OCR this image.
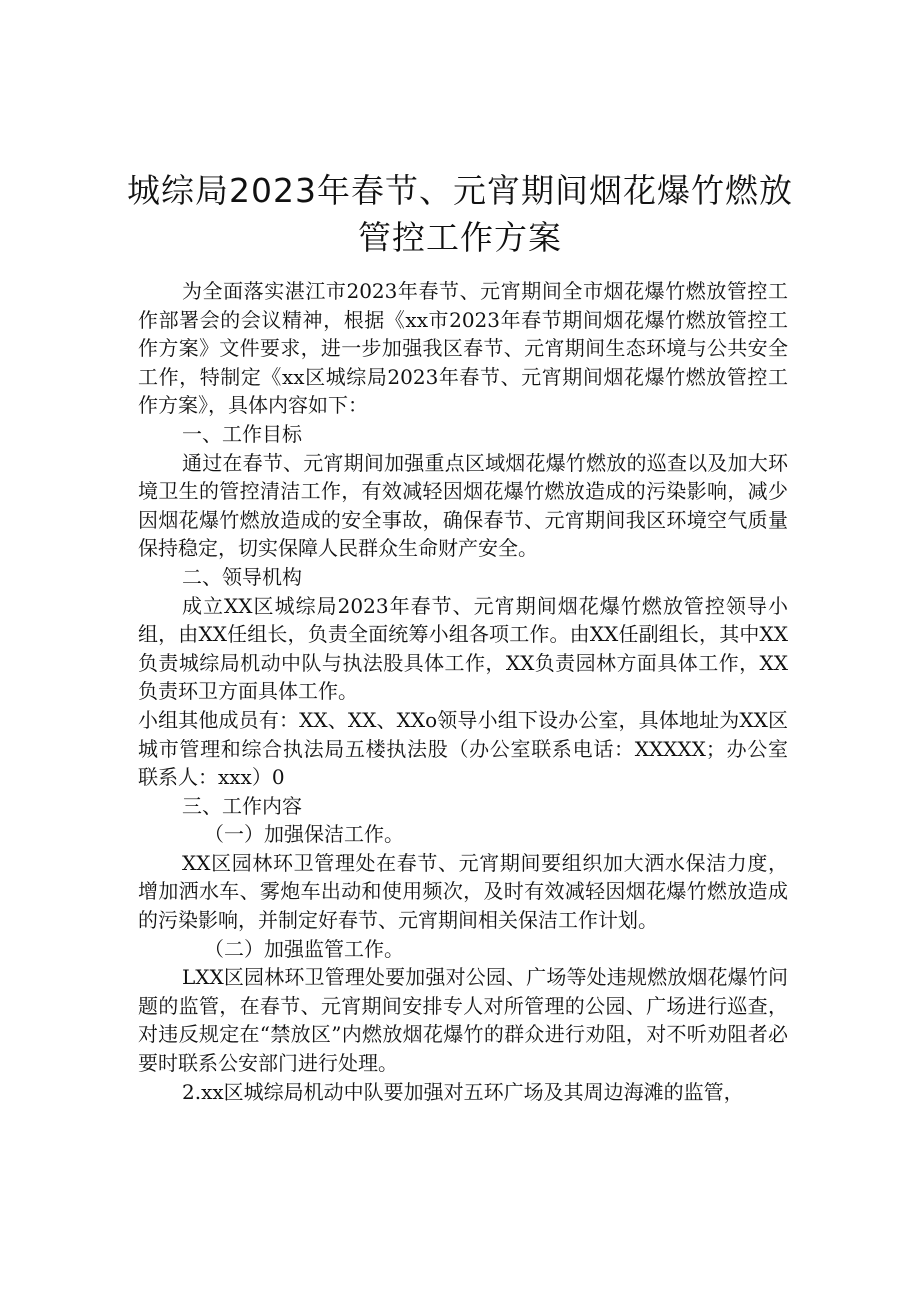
城综局2023年春节、元宵期间烟花爆竹燃放
管控工作方案

为全面落实湛江市2023年春节、元宵期间全市烟花爆竹燃放管控工作部署会的会议精神，根据《xx市2023年春节期间烟花爆竹燃放管控工作方案》文件要求，进一步加强我区春节、元宵期间生态环境与公共安全工作，特制定《xx区城综局2023年春节、元宵期间烟花爆竹燃放管控工作方案》，具体内容如下：

一、工作目标

通过在春节、元宵期间加强重点区域烟花爆竹燃放的巡查以及加大环境卫生的管控清洁工作，有效减轻因烟花爆竹燃放造成的污染影响，减少因烟花爆竹燃放造成的安全事故，确保春节、元宵期间我区环境空气质量保持稳定，切实保障人民群众生命财产安全。

二、领导机构

成立XX区城综局2023年春节、元宵期间烟花爆竹燃放管控领导小组，由XX任组长，负责全面统筹小组各项工作。由XX任副组长，其中XX负责城综局机动中队与执法股具体工作，XX负责园林方面具体工作，XX负责环卫方面具体工作。

小组其他成员有：XX、XX、XXo领导小组下设办公室，具体地址为XX区城市管理和综合执法局五楼执法股（办公室联系电话：XXXXX；办公室联系人：xxx）0

三、工作内容

（一）加强保洁工作。

XX区园林环卫管理处在春节、元宵期间要组织加大洒水保洁力度，增加洒水车、雾炮车出动和使用频次，及时有效减轻因烟花爆竹燃放造成的污染影响，并制定好春节、元宵期间相关保洁工作计划。

（二）加强监管工作。

LXX区园林环卫管理处要加强对公园、广场等处违规燃放烟花爆竹问题的监管，在春节、元宵期间安排专人对所管理的公园、广场进行巡查，对违反规定在“禁放区”内燃放烟花爆竹的群众进行劝阻，对不听劝阻者必要时联系公安部门进行处理。

2.xx区城综局机动中队要加强对五环广场及其周边海滩的监管，
